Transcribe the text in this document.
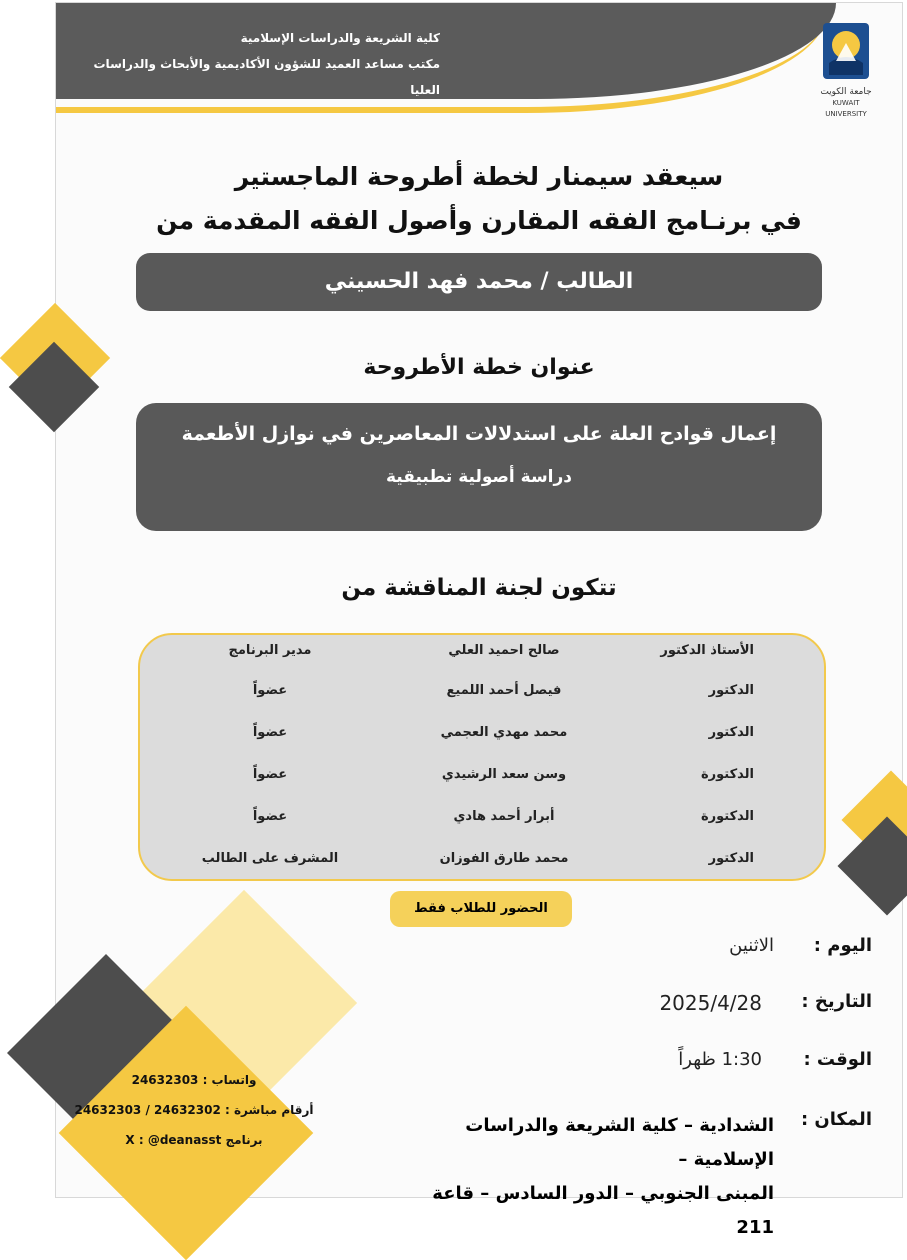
كلية الشريعة والدراسات الإسلامية
مكتب مساعد العميد للشؤون الأكاديمية والأبحاث والدراسات العليا	جامعة الكويت
KUWAIT UNIVERSITY
سيعقد سيمنار لخطة أطروحة الماجستير
في برنـامج الفقه المقارن وأصول الفقه المقدمة من
الطالب / محمد فهد الحسيني
عنوان خطة الأطروحة
إعمال قوادح العلة على استدلالات المعاصرين في نوازل الأطعمة
دراسة أصولية تطبيقية
تتكون لجنة المناقشة من
الأستاذ الدكتور
صالح احميد العلي
مدير البرنامج
الدكتور
فيصل أحمد اللميع
عضواً
الدكتور
محمد مهدي العجمي
عضواً
الدكتورة
وسن سعد الرشيدي
عضواً
الدكتورة
أبرار أحمد هادي
عضواً
الدكتور
محمد طارق الفوزان
المشرف على الطالب
الحضور للطلاب فقط
اليوم :
الاثنين
التاريخ :
2025/4/28
الوقت :
1:30 ظهراً
المكان :
الشدادية – كلية الشريعة والدراسات الإسلامية –
المبنى الجنوبي – الدور السادس – قاعة 211
واتساب : 24632303
أرقام مباشرة : 24632302 / 24632303
برنامج X : @deanasst
